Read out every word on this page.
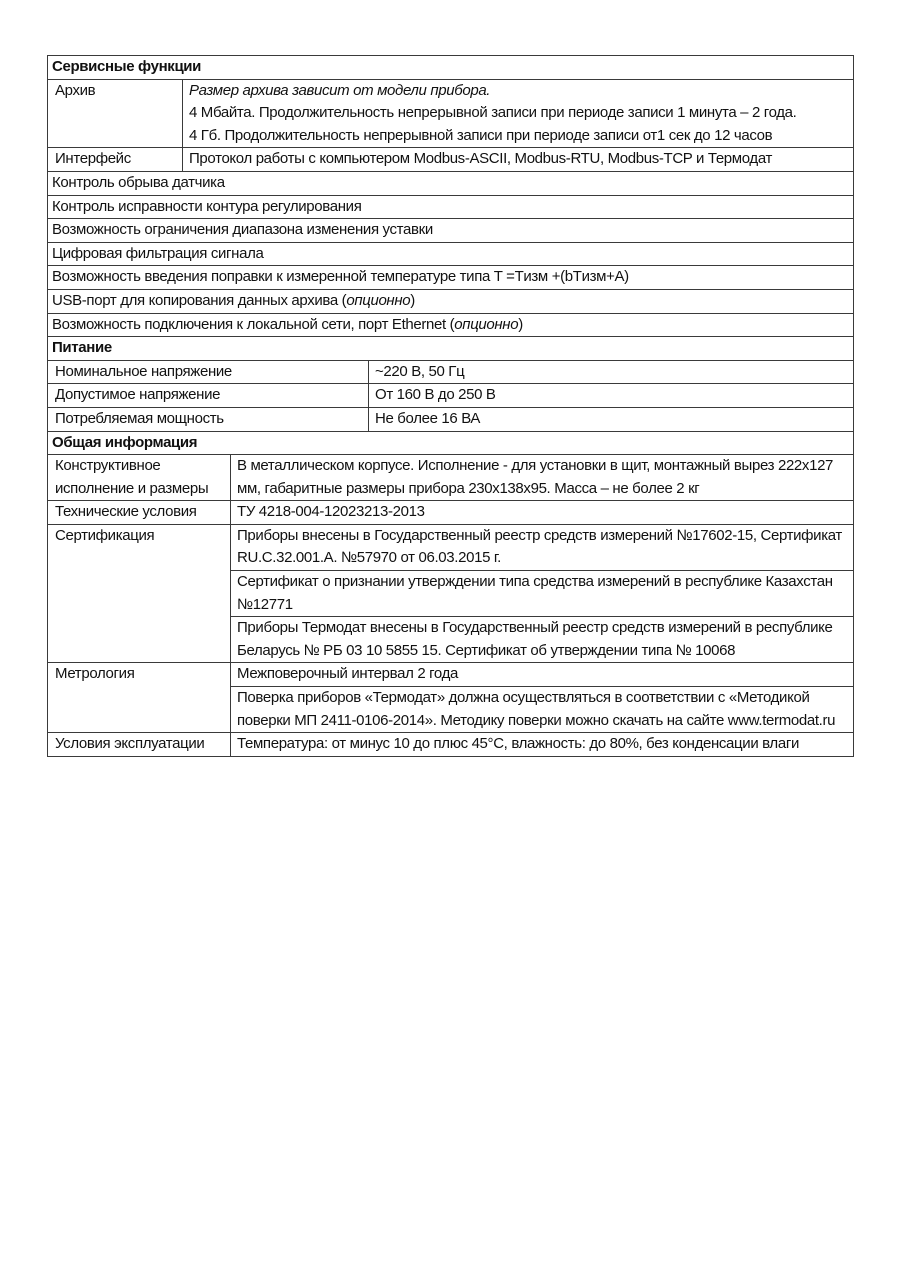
Сервисные функции	
Архив	Размер архива зависит от модели прибора.
4 Мбайта. Продолжительность непрерывной записи при периоде записи 1 минута – 2 года.
4 Гб. Продолжительность непрерывной записи при периоде записи от1 сек до 12 часов

Интерфейс	Протокол работы с компьютером Modbus-ASCII, Modbus-RTU, Modbus-TCP и Термодат
Контроль обрыва датчика	
Контроль исправности контура регулирования	
Возможность ограничения диапазона изменения уставки	
Цифровая фильтрация сигнала	
Возможность введения поправки к измеренной температуре типа T =Tизм +(bTизм+A)	
USB-порт для копирования данных архива (опционно)	
Возможность подключения к локальной сети, порт Ethernet (опционно)	
Питание	
Номинальное напряжение	~220 В, 50 Гц
Допустимое напряжение	От 160 В до 250 В
Потребляемая мощность	Не более 16 ВА
Общая информация	
Конструктивное исполнение и размеры	В металлическом корпусе. Исполнение - для установки в щит, монтажный вырез 222х127 мм, габаритные размеры прибора 230х138х95. Масса – не более 2 кг
Технические условия	ТУ 4218-004-12023213-2013
Сертификация	Приборы внесены в Государственный реестр средств измерений №17602-15, Сертификат RU.C.32.001.A. №57970 от 06.03.2015 г.
	Сертификат о признании утверждении типа средства измерений в республике Казахстан №12771
	Приборы Термодат внесены в Государственный реестр средств измерений в республике Беларусь № РБ 03 10 5855 15. Сертификат об утверждении типа № 10068
Метрология	Межповерочный интервал 2 года
	Поверка приборов «Термодат» должна осуществляться в соответствии с «Методикой поверки МП 2411-0106-2014». Методику поверки можно скачать на сайте www.termodat.ru
Условия эксплуатации	Температура: от минус 10 до плюс 45°С, влажность: до 80%, без конденсации влаги
